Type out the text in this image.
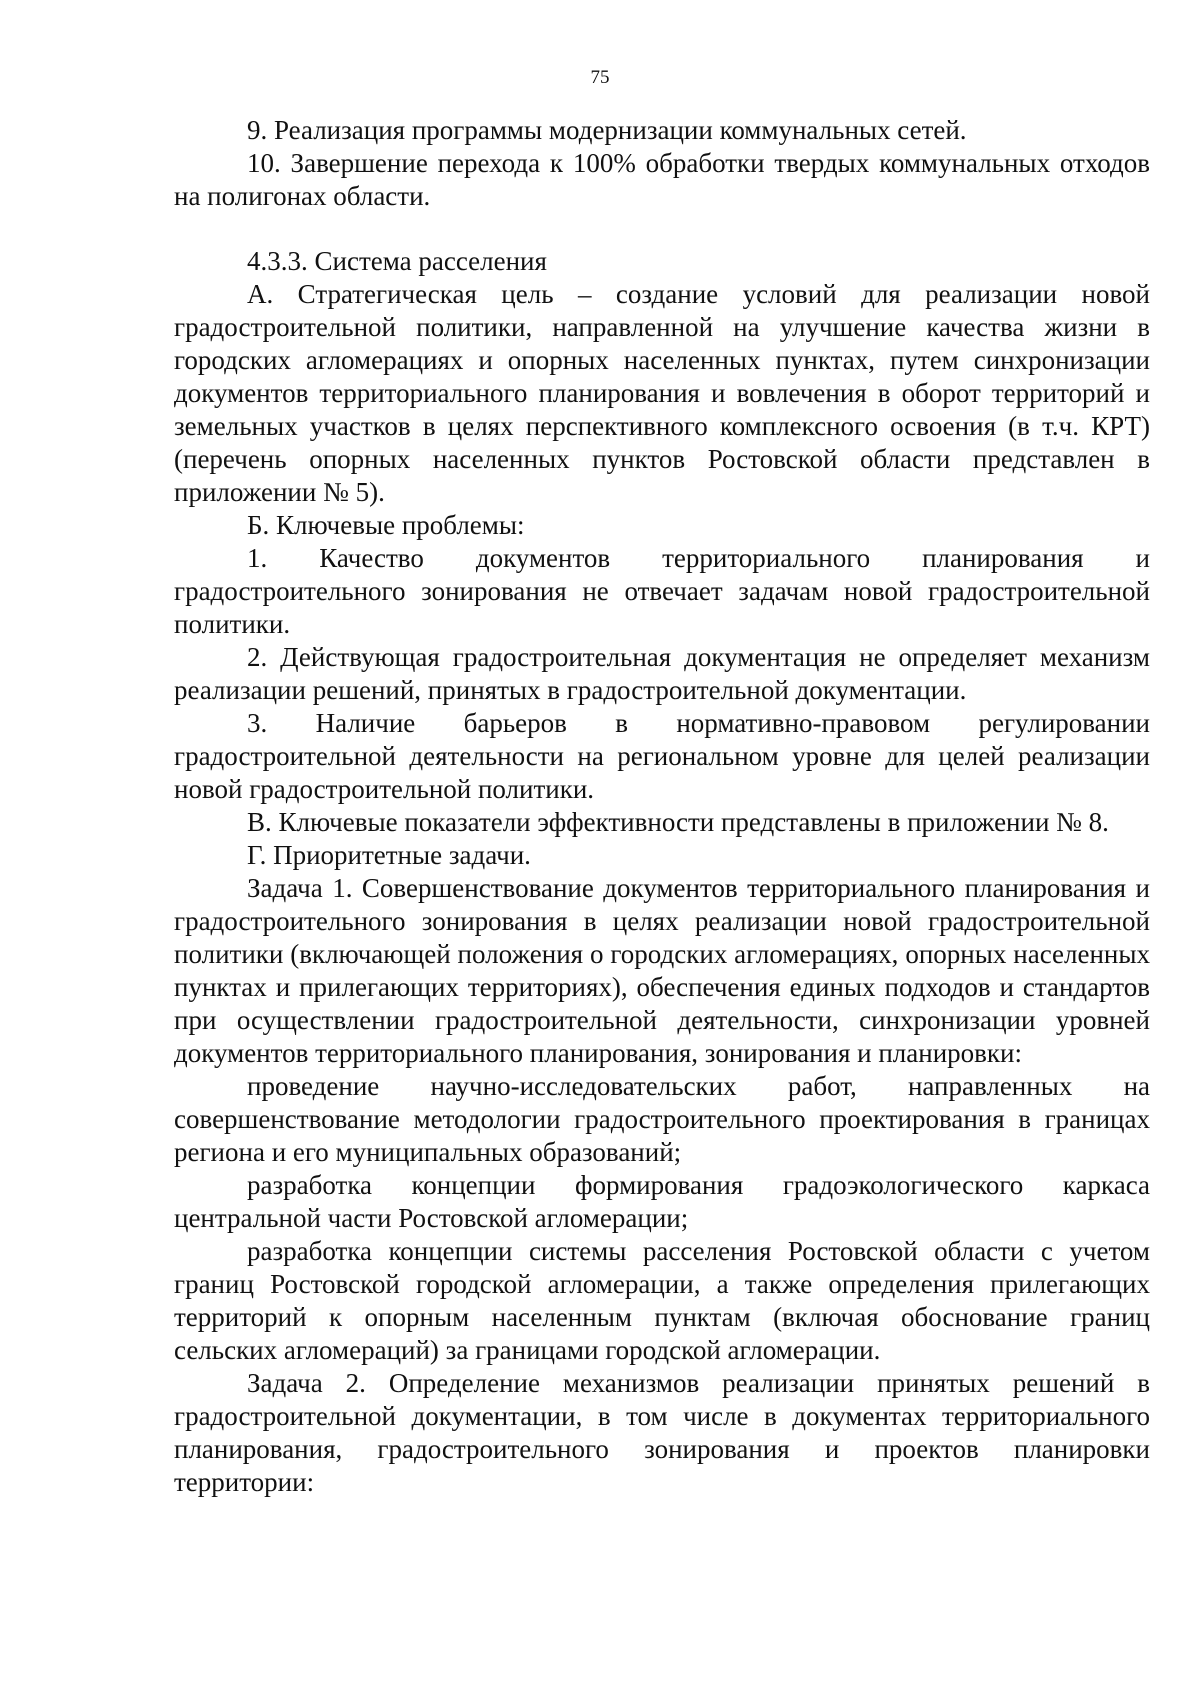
75

9. Реализация программы модернизации коммунальных сетей.

10. Завершение перехода к 100% обработки твердых коммунальных отходов на полигонах области.

4.3.3. Система расселения

А. Стратегическая цель – создание условий для реализации новой градостроительной политики, направленной на улучшение качества жизни в городских агломерациях и опорных населенных пунктах, путем синхронизации документов территориального планирования и вовлечения в оборот территорий и земельных участков в целях перспективного комплексного освоения (в т.ч. КРТ) (перечень опорных населенных пунктов Ростовской области представлен в приложении № 5).

Б. Ключевые проблемы:

1. Качество документов территориального планирования и градостроительного зонирования не отвечает задачам новой градостроительной политики.

2. Действующая градостроительная документация не определяет механизм реализации решений, принятых в градостроительной документации.

3. Наличие барьеров в нормативно-правовом регулировании градостроительной деятельности на региональном уровне для целей реализации новой градостроительной политики.

В. Ключевые показатели эффективности представлены в приложении № 8.

Г. Приоритетные задачи.

Задача 1. Совершенствование документов территориального планирования и градостроительного зонирования в целях реализации новой градостроительной политики (включающей положения о городских агломерациях, опорных населенных пунктах и прилегающих территориях), обеспечения единых подходов и стандартов при осуществлении градостроительной деятельности, синхронизации уровней документов территориального планирования, зонирования и планировки:

проведение научно-исследовательских работ, направленных на совершенствование методологии градостроительного проектирования в границах региона и его муниципальных образований;

разработка концепции формирования градоэкологического каркаса центральной части Ростовской агломерации;

разработка концепции системы расселения Ростовской области с учетом границ Ростовской городской агломерации, а также определения прилегающих территорий к опорным населенным пунктам (включая обоснование границ сельских агломераций) за границами городской агломерации.

Задача 2. Определение механизмов реализации принятых решений в градостроительной документации, в том числе в документах территориального планирования, градостроительного зонирования и проектов планировки территории:
